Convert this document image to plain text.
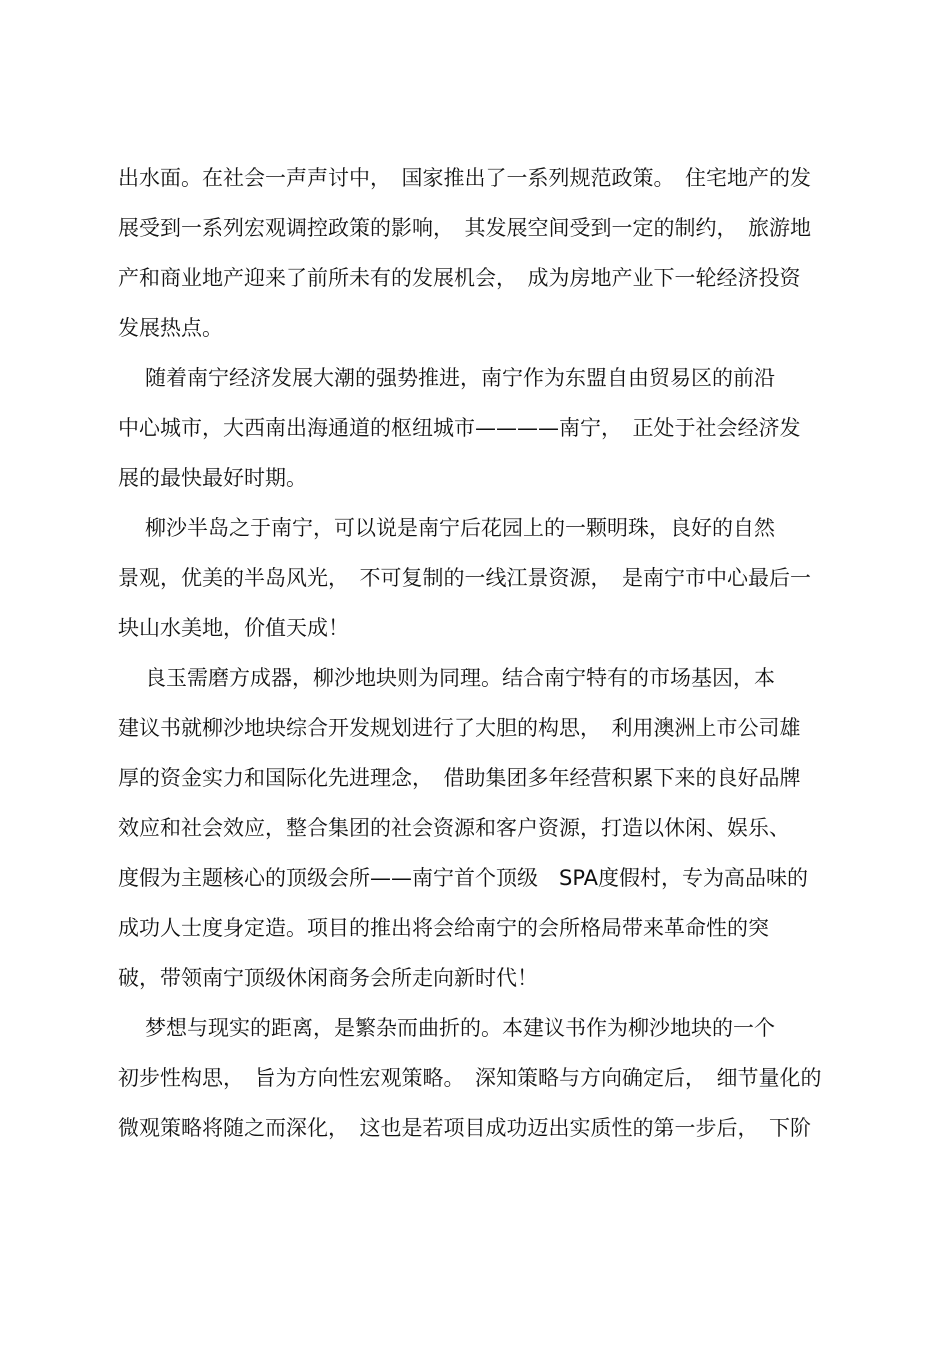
出水面。在社会一声声讨中，　国家推出了一系列规范政策。　住宅地产的发
展受到一系列宏观调控政策的影响，　其发展空间受到一定的制约，　旅游地
产和商业地产迎来了前所未有的发展机会，　成为房地产业下一轮经济投资
发展热点。
随着南宁经济发展大潮的强势推进，南宁作为东盟自由贸易区的前沿
中心城市，大西南出海通道的枢纽城市————南宁，　正处于社会经济发
展的最快最好时期。
柳沙半岛之于南宁，可以说是南宁后花园上的一颗明珠，良好的自然
景观，优美的半岛风光，　不可复制的一线江景资源，　是南宁市中心最后一
块山水美地，价值天成！
良玉需磨方成器，柳沙地块则为同理。结合南宁特有的市场基因，本
建议书就柳沙地块综合开发规划进行了大胆的构思，　利用澳洲上市公司雄
厚的资金实力和国际化先进理念，　借助集团多年经营积累下来的良好品牌
效应和社会效应，整合集团的社会资源和客户资源，打造以休闲、娱乐、
度假为主题核心的顶级会所——南宁首个顶级　SPA度假村，专为高品味的
成功人士度身定造。项目的推出将会给南宁的会所格局带来革命性的突
破，带领南宁顶级休闲商务会所走向新时代！
梦想与现实的距离，是繁杂而曲折的。本建议书作为柳沙地块的一个
初步性构思，　旨为方向性宏观策略。　深知策略与方向确定后，　细节量化的
微观策略将随之而深化，　这也是若项目成功迈出实质性的第一步后，　下阶
